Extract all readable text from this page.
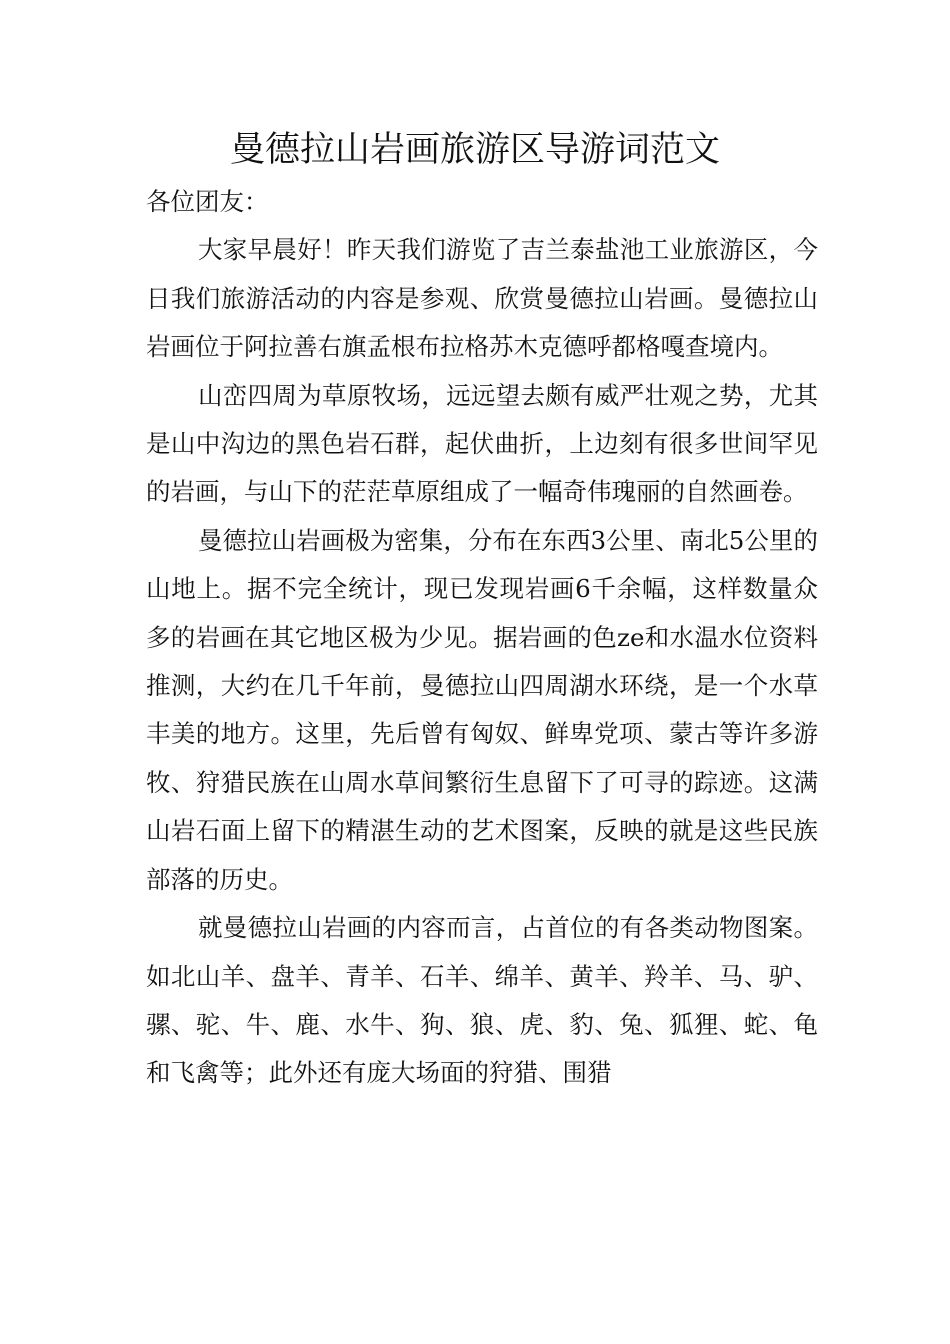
曼德拉山岩画旅游区导游词范文

各位团友：

大家早晨好！昨天我们游览了吉兰泰盐池工业旅游区，今日我们旅游活动的内容是参观、欣赏曼德拉山岩画。曼德拉山岩画位于阿拉善右旗孟根布拉格苏木克德呼都格嘎查境内。

山峦四周为草原牧场，远远望去颇有威严壮观之势，尤其是山中沟边的黑色岩石群，起伏曲折，上边刻有很多世间罕见的岩画，与山下的茫茫草原组成了一幅奇伟瑰丽的自然画卷。

曼德拉山岩画极为密集，分布在东西3公里、南北5公里的山地上。据不完全统计，现已发现岩画6千余幅，这样数量众多的岩画在其它地区极为少见。据岩画的色ze和水温水位资料推测，大约在几千年前，曼德拉山四周湖水环绕，是一个水草丰美的地方。这里，先后曾有匈奴、鲜卑党项、蒙古等许多游牧、狩猎民族在山周水草间繁衍生息留下了可寻的踪迹。这满山岩石面上留下的精湛生动的艺术图案，反映的就是这些民族部落的历史。

就曼德拉山岩画的内容而言，占首位的有各类动物图案。如北山羊、盘羊、青羊、石羊、绵羊、黄羊、羚羊、马、驴、骡、驼、牛、鹿、水牛、狗、狼、虎、豹、兔、狐狸、蛇、龟和飞禽等；此外还有庞大场面的狩猎、围猎
